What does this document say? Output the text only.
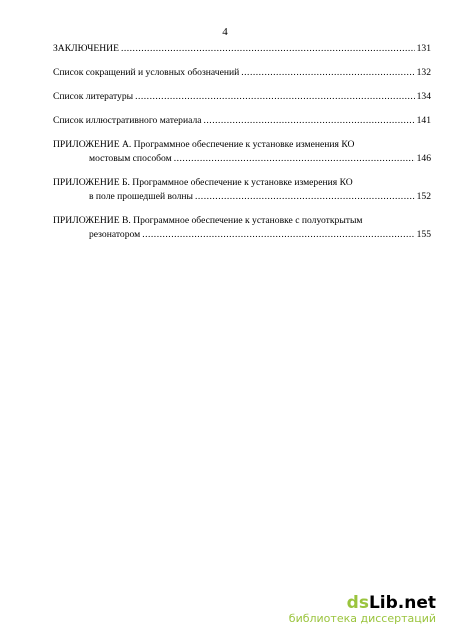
4
ЗАКЛЮЧЕНИЕ .....	131
Список сокращений и условных обозначений .....	132
Список литературы .....	134
Список иллюстративного материала .....	141
ПРИЛОЖЕНИЕ А. Программное обеспечение к установке изменения КО
мостовым способом .....	146
ПРИЛОЖЕНИЕ Б. Программное обеспечение к установке измерения КО
в поле прошедшей волны .....	152
ПРИЛОЖЕНИЕ В. Программное обеспечение к установке с полуоткрытым
резонатором .....	155
dsLib.net
библиотека диссертаций
